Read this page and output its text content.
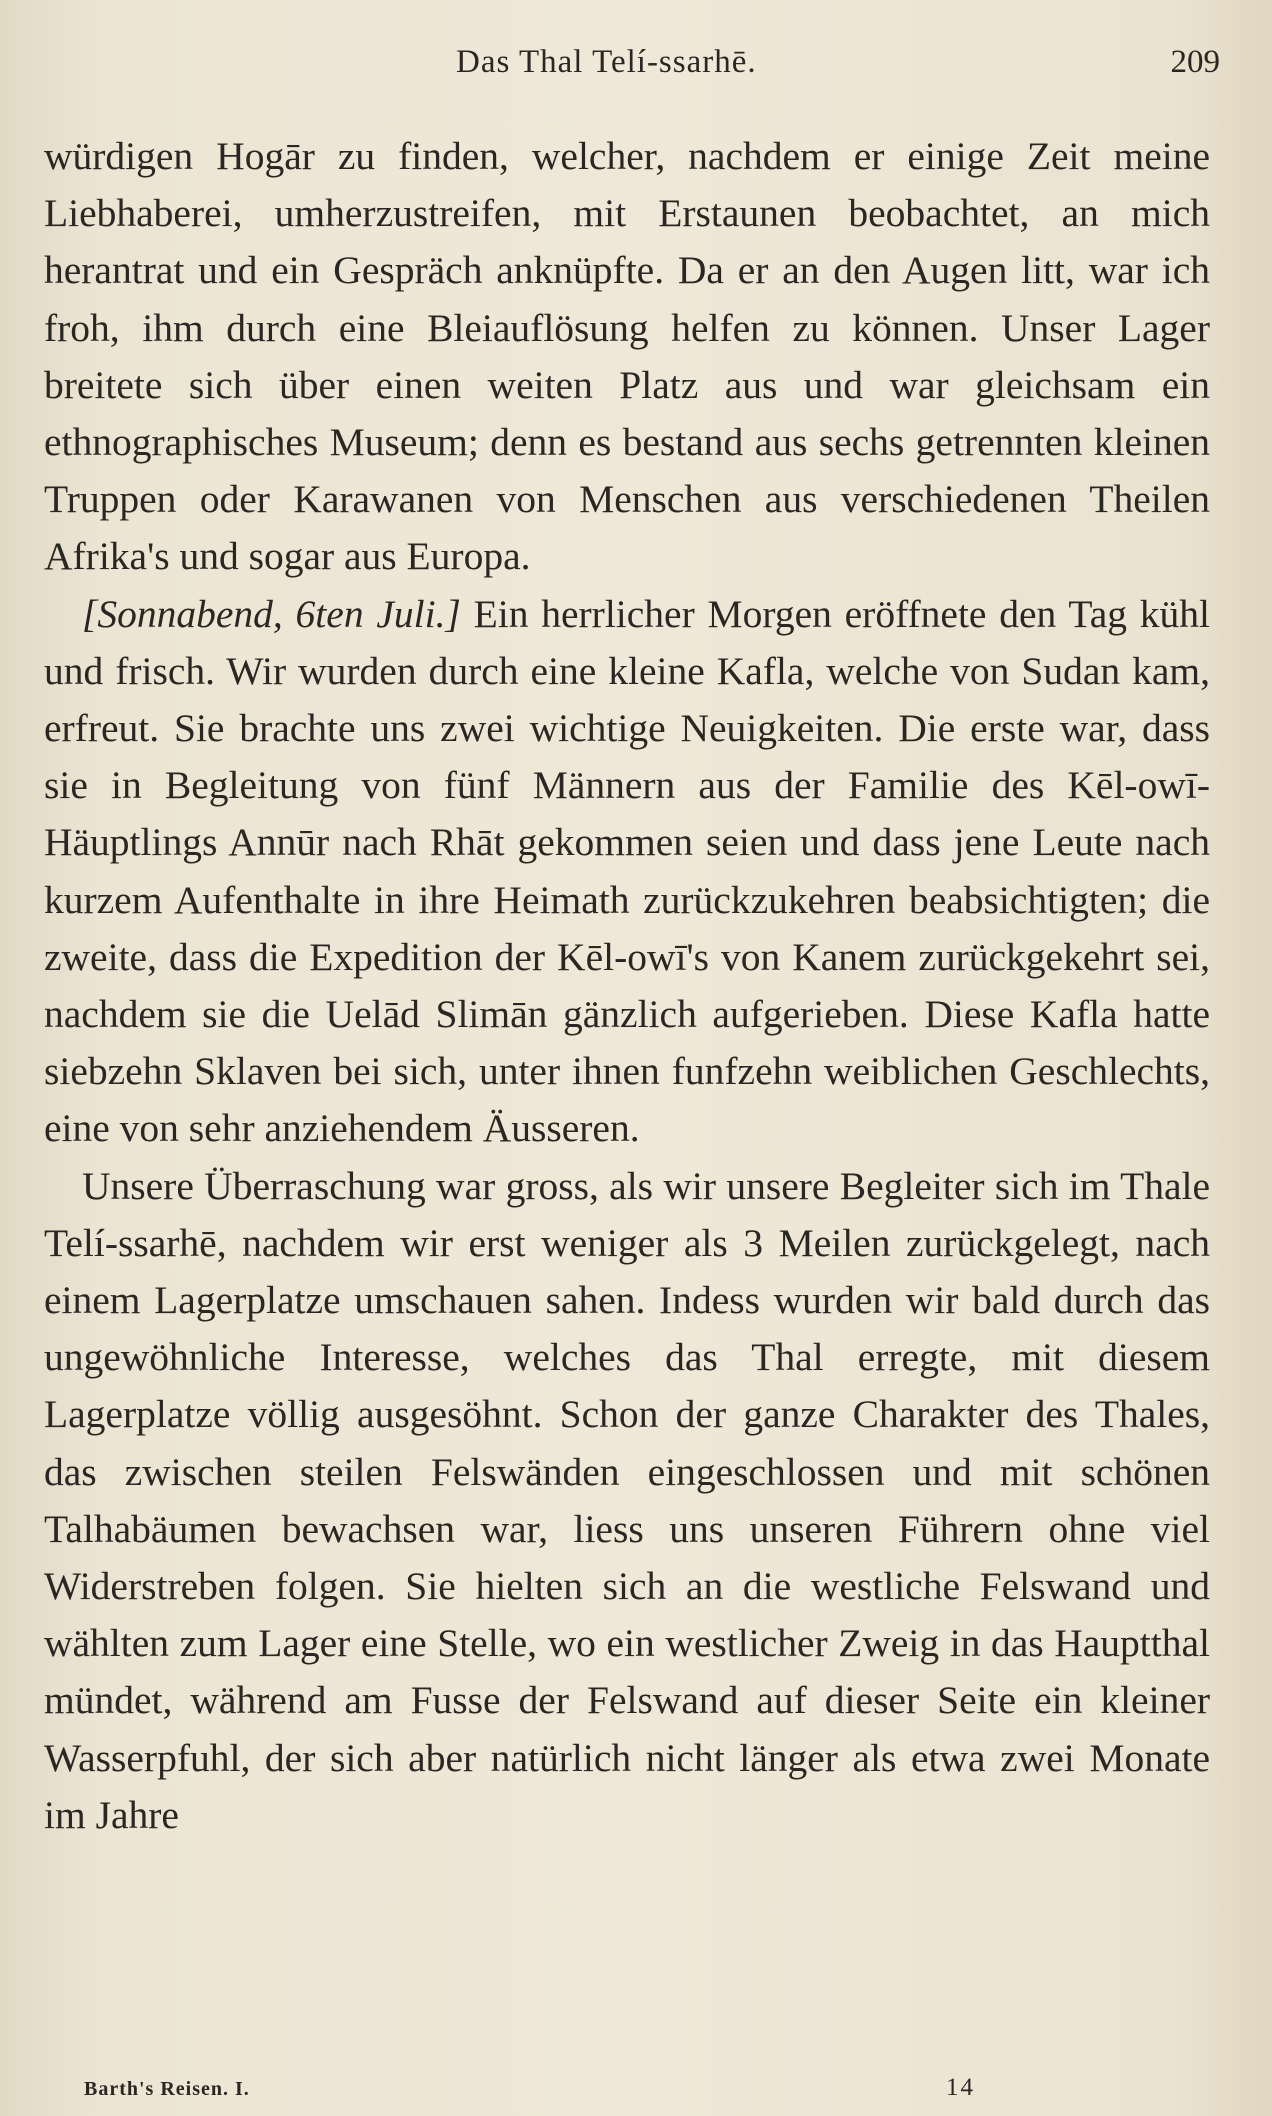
Das Thal Telí-ssarhē.	209

würdigen Hogār zu finden, welcher, nachdem er einige Zeit meine Liebhaberei, umherzustreifen, mit Erstaunen beobachtet, an mich herantrat und ein Gespräch anknüpfte. Da er an den Augen litt, war ich froh, ihm durch eine Bleiauflösung helfen zu können. Unser Lager breitete sich über einen weiten Platz aus und war gleichsam ein ethnographisches Museum; denn es bestand aus sechs getrennten kleinen Truppen oder Karawanen von Menschen aus verschiedenen Theilen Afrika's und sogar aus Europa.

[Sonnabend, 6ten Juli.] Ein herrlicher Morgen eröffnete den Tag kühl und frisch. Wir wurden durch eine kleine Kafla, welche von Sudan kam, erfreut. Sie brachte uns zwei wichtige Neuigkeiten. Die erste war, dass sie in Begleitung von fünf Männern aus der Familie des Kēl-owī-Häuptlings Annūr nach Rhāt gekommen seien und dass jene Leute nach kurzem Aufenthalte in ihre Heimath zurückzukehren beabsichtigten; die zweite, dass die Expedition der Kēl-owī's von Kanem zurückgekehrt sei, nachdem sie die Uelād Slimān gänzlich aufgerieben. Diese Kafla hatte siebzehn Sklaven bei sich, unter ihnen funfzehn weiblichen Geschlechts, eine von sehr anziehendem Äusseren.

Unsere Überraschung war gross, als wir unsere Begleiter sich im Thale Telí-ssarhē, nachdem wir erst weniger als 3 Meilen zurückgelegt, nach einem Lagerplatze umschauen sahen. Indess wurden wir bald durch das ungewöhnliche Interesse, welches das Thal erregte, mit diesem Lagerplatze völlig ausgesöhnt. Schon der ganze Charakter des Thales, das zwischen steilen Felswänden eingeschlossen und mit schönen Talhabäumen bewachsen war, liess uns unseren Führern ohne viel Widerstreben folgen. Sie hielten sich an die westliche Felswand und wählten zum Lager eine Stelle, wo ein westlicher Zweig in das Hauptthal mündet, während am Fusse der Felswand auf dieser Seite ein kleiner Wasserpfuhl, der sich aber natürlich nicht länger als etwa zwei Monate im Jahre

Barth's Reisen. I.	14
